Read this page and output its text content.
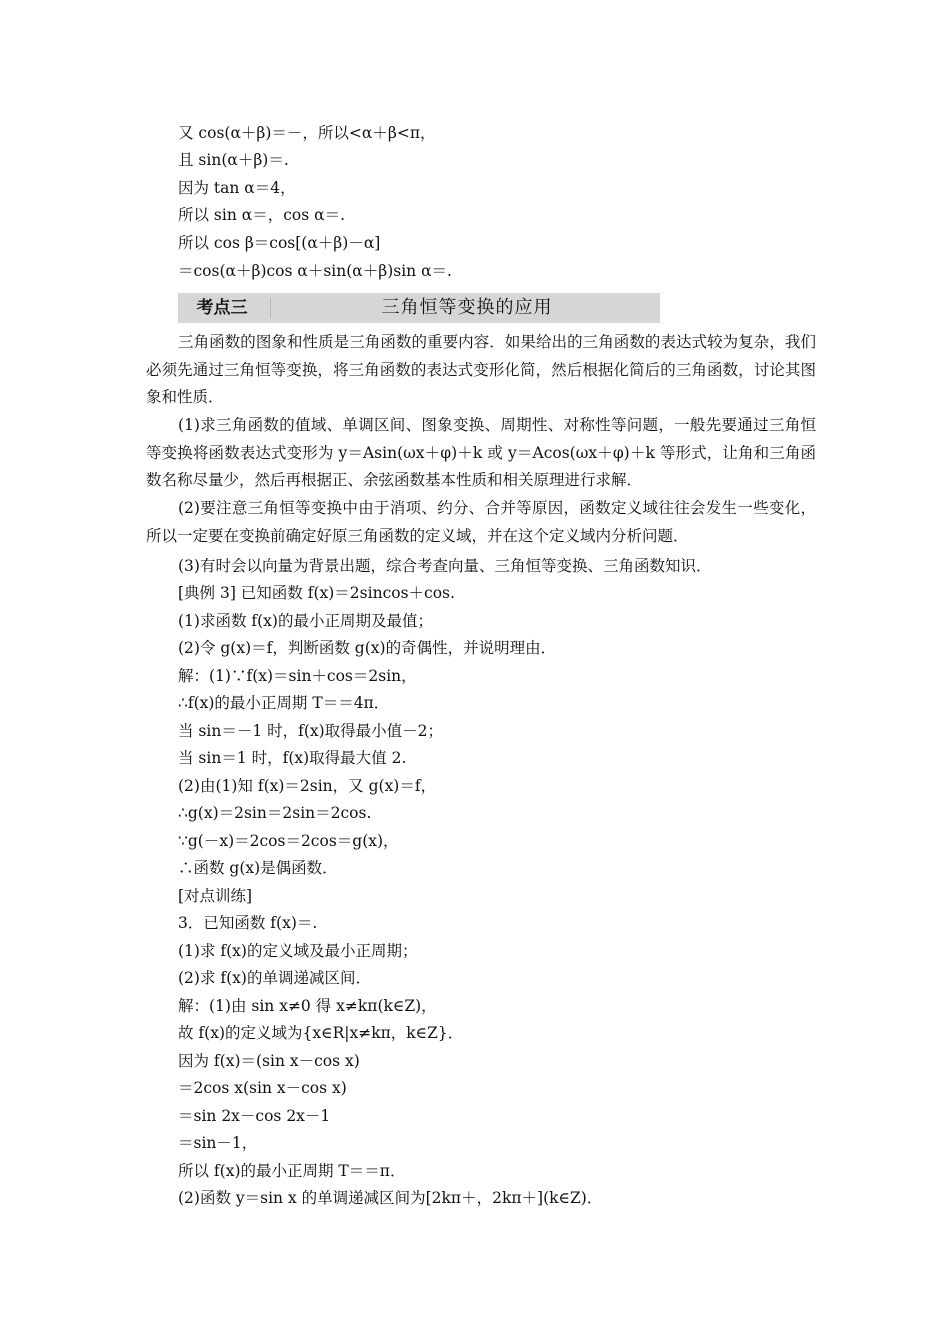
又 cos(α＋β)＝－，所以<α＋β<π，
且 sin(α＋β)＝.
因为 tan α＝4，
所以 sin α＝，cos α＝.
所以 cos β＝cos[(α＋β)－α]
＝cos(α＋β)cos α＋sin(α＋β)sin α＝.
考点三	三角恒等变换的应用
三角函数的图象和性质是三角函数的重要内容．如果给出的三角函数的表达式较为复杂，我们必须先通过三角恒等变换，将三角函数的表达式变形化简，然后根据化简后的三角函数，讨论其图象和性质．
(1)求三角函数的值域、单调区间、图象变换、周期性、对称性等问题，一般先要通过三角恒等变换将函数表达式变形为 y＝Asin(ωx＋φ)＋k 或 y＝Acos(ωx＋φ)＋k 等形式，让角和三角函数名称尽量少，然后再根据正、余弦函数基本性质和相关原理进行求解．
(2)要注意三角恒等变换中由于消项、约分、合并等原因，函数定义域往往会发生一些变化，所以一定要在变换前确定好原三角函数的定义域，并在这个定义域内分析问题．
(3)有时会以向量为背景出题，综合考查向量、三角恒等变换、三角函数知识．
[典例 3] 已知函数 f(x)＝2sincos＋cos.
(1)求函数 f(x)的最小正周期及最值；
(2)令 g(x)＝f，判断函数 g(x)的奇偶性，并说明理由．
解：(1)∵f(x)＝sin＋cos＝2sin，
∴f(x)的最小正周期 T＝＝4π．
当 sin＝－1 时，f(x)取得最小值－2；
当 sin＝1 时，f(x)取得最大值 2.
(2)由(1)知 f(x)＝2sin，又 g(x)＝f，
∴g(x)＝2sin＝2sin＝2cos.
∵g(－x)＝2cos＝2cos＝g(x)，
∴函数 g(x)是偶函数．
[对点训练]
3．已知函数 f(x)＝.
(1)求 f(x)的定义域及最小正周期；
(2)求 f(x)的单调递减区间．
解：(1)由 sin x≠0 得 x≠kπ(k∈Z)，
故 f(x)的定义域为{x∈R|x≠kπ，k∈Z}．
因为 f(x)＝(sin x－cos x)
＝2cos x(sin x－cos x)
＝sin 2x－cos 2x－1
＝sin－1，
所以 f(x)的最小正周期 T＝＝π．
(2)函数 y＝sin x 的单调递减区间为[2kπ＋，2kπ＋](k∈Z)．
